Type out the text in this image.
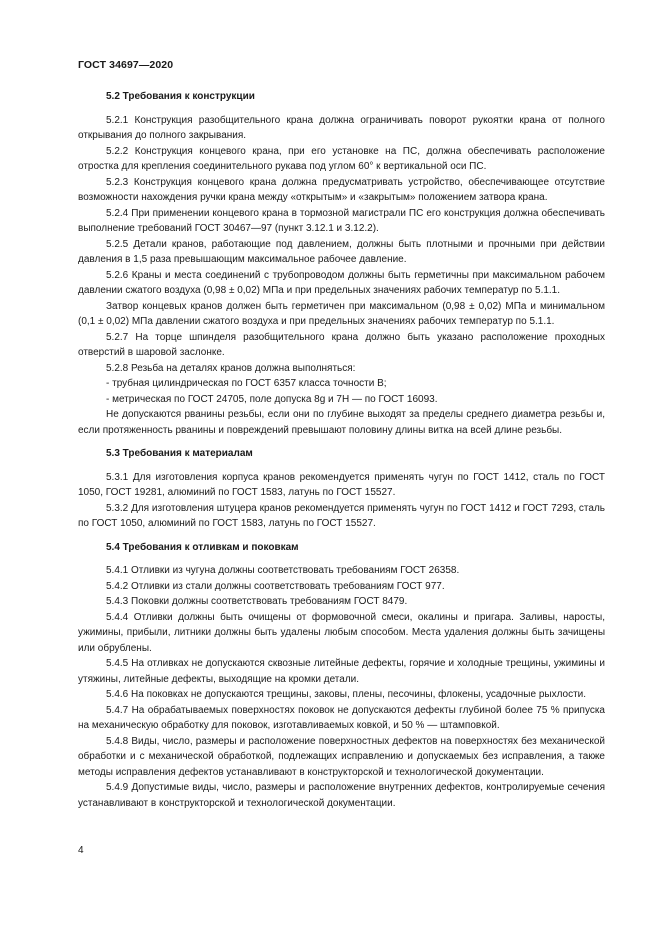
ГОСТ 34697—2020
5.2 Требования к конструкции

5.2.1 Конструкция разобщительного крана должна ограничивать поворот рукоятки крана от полного открывания до полного закрывания.

5.2.2 Конструкция концевого крана, при его установке на ПС, должна обеспечивать расположение отростка для крепления соединительного рукава под углом 60° к вертикальной оси ПС.

5.2.3 Конструкция концевого крана должна предусматривать устройство, обеспечивающее отсутствие возможности нахождения ручки крана между «открытым» и «закрытым» положением затвора крана.

5.2.4 При применении концевого крана в тормозной магистрали ПС его конструкция должна обеспечивать выполнение требований ГОСТ 30467—97 (пункт 3.12.1 и 3.12.2).

5.2.5 Детали кранов, работающие под давлением, должны быть плотными и прочными при действии давления в 1,5 раза превышающим максимальное рабочее давление.

5.2.6 Краны и места соединений с трубопроводом должны быть герметичны при максимальном рабочем давлении сжатого воздуха (0,98 ± 0,02) МПа и при предельных значениях рабочих температур по 5.1.1.

Затвор концевых кранов должен быть герметичен при максимальном (0,98 ± 0,02) МПа и минимальном (0,1 ± 0,02) МПа давлении сжатого воздуха и при предельных значениях рабочих температур по 5.1.1.

5.2.7 На торце шпинделя разобщительного крана должно быть указано расположение проходных отверстий в шаровой заслонке.

5.2.8 Резьба на деталях кранов должна выполняться:

- трубная цилиндрическая по ГОСТ 6357 класса точности В;

- метрическая по ГОСТ 24705, поле допуска 8g и 7H — по ГОСТ 16093.

Не допускаются рванины резьбы, если они по глубине выходят за пределы среднего диаметра резьбы и, если протяженность рванины и повреждений превышают половину длины витка на всей длине резьбы.

5.3 Требования к материалам

5.3.1 Для изготовления корпуса кранов рекомендуется применять чугун по ГОСТ 1412, сталь по ГОСТ 1050, ГОСТ 19281, алюминий по ГОСТ 1583, латунь по ГОСТ 15527.

5.3.2 Для изготовления штуцера кранов рекомендуется применять чугун по ГОСТ 1412 и ГОСТ 7293, сталь по ГОСТ 1050, алюминий по ГОСТ 1583, латунь по ГОСТ 15527.

5.4 Требования к отливкам и поковкам

5.4.1 Отливки из чугуна должны соответствовать требованиям ГОСТ 26358.

5.4.2 Отливки из стали должны соответствовать требованиям ГОСТ 977.

5.4.3 Поковки должны соответствовать требованиям ГОСТ 8479.

5.4.4 Отливки должны быть очищены от формовочной смеси, окалины и пригара. Заливы, наросты, ужимины, прибыли, литники должны быть удалены любым способом. Места удаления должны быть зачищены или обрублены.

5.4.5 На отливках не допускаются сквозные литейные дефекты, горячие и холодные трещины, ужимины и утяжины, литейные дефекты, выходящие на кромки детали.

5.4.6 На поковках не допускаются трещины, заковы, плены, песочины, флокены, усадочные рыхлости.

5.4.7 На обрабатываемых поверхностях поковок не допускаются дефекты глубиной более 75 % припуска на механическую обработку для поковок, изготавливаемых ковкой, и 50 % — штамповкой.

5.4.8 Виды, число, размеры и расположение поверхностных дефектов на поверхностях без механической обработки и с механической обработкой, подлежащих исправлению и допускаемых без исправления, а также методы исправления дефектов устанавливают в конструкторской и технологической документации.

5.4.9 Допустимые виды, число, размеры и расположение внутренних дефектов, контролируемые сечения устанавливают в конструкторской и технологической документации.

4
